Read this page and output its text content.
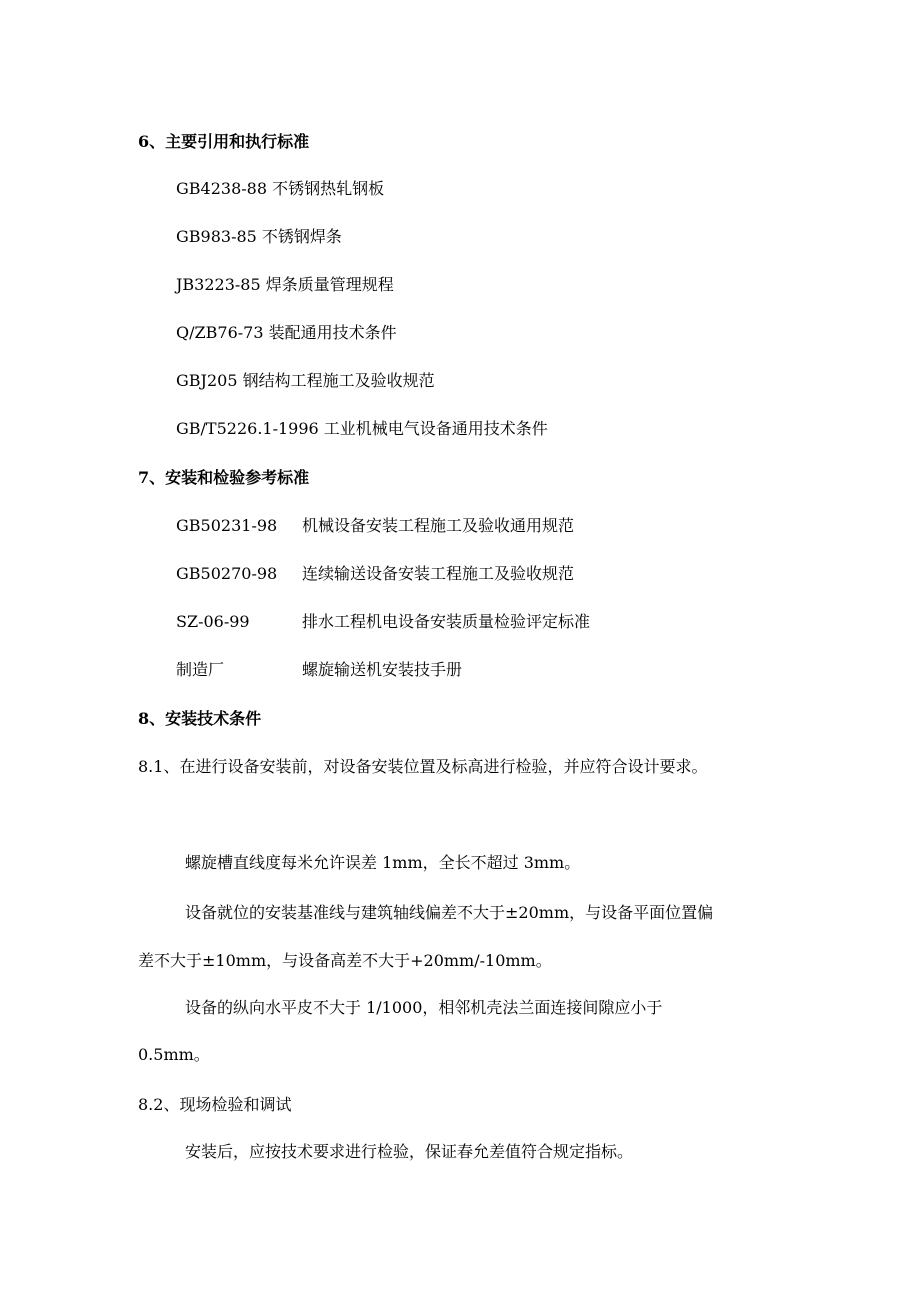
6、主要引用和执行标准
GB4238-88 不锈钢热轧钢板
GB983-85 不锈钢焊条
JB3223-85 焊条质量管理规程
Q/ZB76-73 装配通用技术条件
GBJ205 钢结构工程施工及验收规范
GB/T5226.1-1996 工业机械电气设备通用技术条件
7、安装和检验参考标准
GB50231-98 机械设备安装工程施工及验收通用规范
GB50270-98 连续输送设备安装工程施工及验收规范
SZ-06-99	排水工程机电设备安装质量检验评定标准
制造厂	螺旋输送机安装技手册
8、安装技术条件
8.1、在进行设备安装前，对设备安装位置及标高进行检验，并应符合设计要求。
螺旋槽直线度每米允许误差 1mm，全长不超过 3mm。
设备就位的安装基准线与建筑轴线偏差不大于±20mm，与设备平面位置偏
差不大于±10mm，与设备高差不大于+20mm/-10mm。
设备的纵向水平皮不大于 1/1000，相邻机壳法兰面连接间隙应小于
0.5mm。
8.2、现场检验和调试
安装后，应按技术要求进行检验，保证春允差值符合规定指标。
